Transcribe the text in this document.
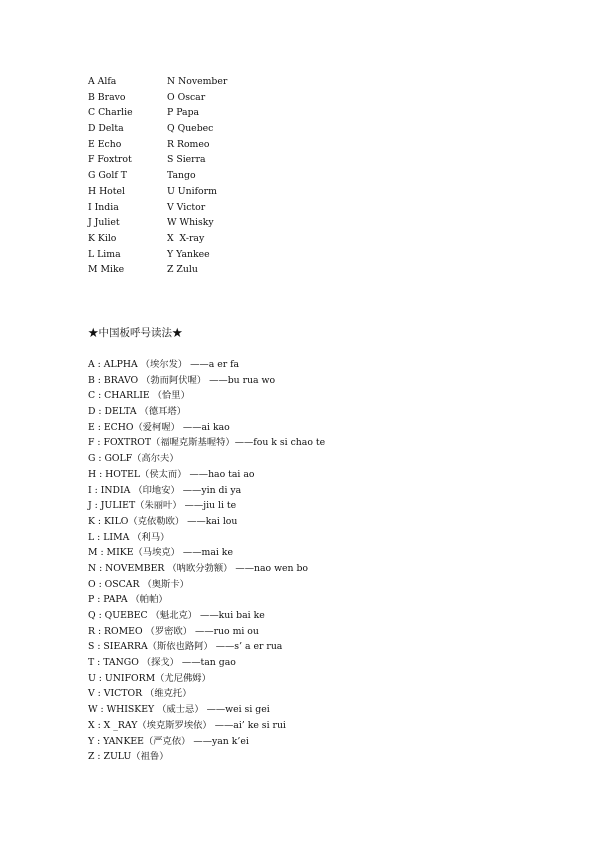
A Alfa	N November
B Bravo	O Oscar
C Charlie	P Papa
D Delta	Q Quebec
E Echo	R Romeo
F Foxtrot	S Sierra
G Golf T	Tango
H Hotel	U Uniform
I India	V Victor
J Juliet	W Whisky
K Kilo	X  X-ray
L Lima	Y Yankee
M Mike	Z Zulu
★中国板呼号读法★
A : ALPHA （埃尔发） ——a er fa
B : BRAVO （勃而阿伏喔） ——bu rua wo
C : CHARLIE （恰里）
D : DELTA （德耳塔）
E : ECHO（爱柯喔） ——ai kao
F : FOXTROT（福喔克斯基喔特）——fou k si chao te
G : GOLF（高尔夫）
H : HOTEL（侯太而） ——hao tai ao
I : INDIA （印地安） ——yin di ya
J : JULIET（朱丽叶） ——jiu li te
K : KILO（克依勒欧） ——kai lou
L : LIMA （利马）
M : MIKE（马埃克） ——mai ke
N : NOVEMBER （呐欧分勃额） ——nao wen bo
O : OSCAR （奥斯卡）
P : PAPA （帕帕）
Q : QUEBEC （魁北克） ——kui bai ke
R : ROMEO （罗密欧） ——ruo mi ou
S : SIEARRA（斯依也路阿） ——s’ a er rua
T : TANGO （探戈） ——tan gao
U : UNIFORM（尤尼佛姆）
V : VICTOR （维克托）
W : WHISKEY （威士忌） ——wei si gei
X : X _RAY（埃克斯罗埃依） ——ai’ ke si rui
Y : YANKEE（严克依） ——yan k’ei
Z : ZULU（祖鲁）
